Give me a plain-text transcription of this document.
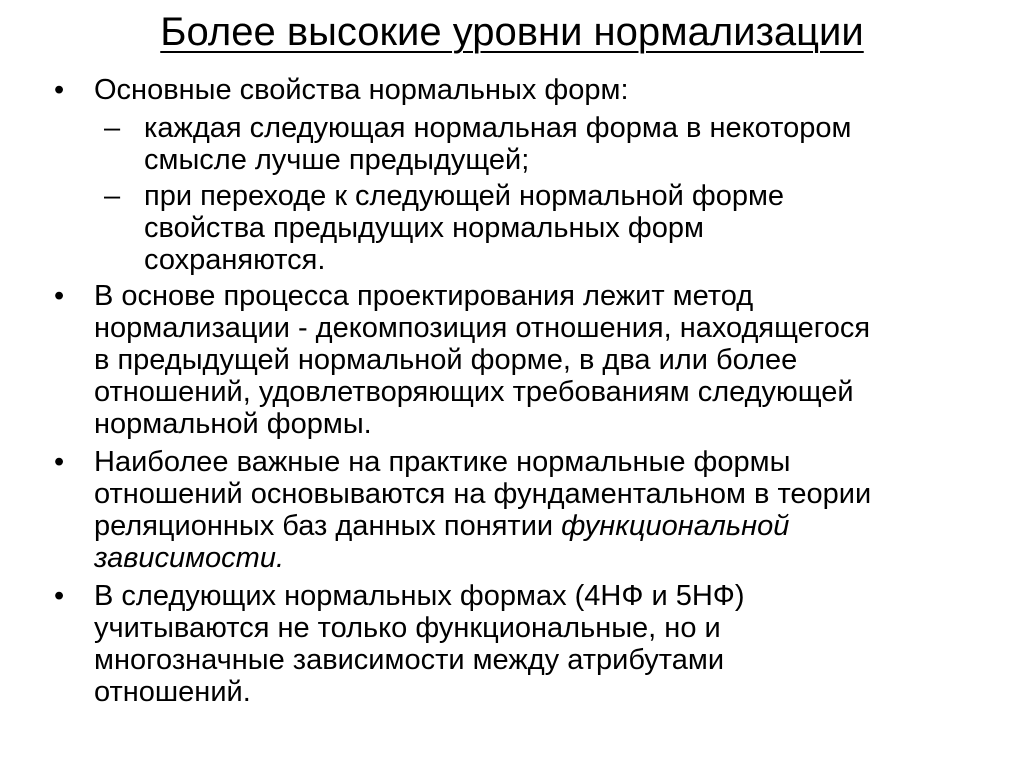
Более высокие уровни нормализации
•	Основные свойства нормальных форм:
– каждая следующая нормальная форма в некотором
смысле лучше предыдущей;
– при переходе к следующей нормальной форме
свойства предыдущих нормальных форм
сохраняются.
•	В основе процесса проектирования лежит метод
нормализации - декомпозиция отношения, находящегося
в предыдущей нормальной форме, в два или более
отношений, удовлетворяющих требованиям следующей
нормальной формы.
•	Наиболее важные на практике нормальные формы
отношений основываются на фундаментальном в теории
реляционных баз данных понятии функциональной
зависимости.
•	В следующих нормальных формах (4НФ и 5НФ)
учитываются не только функциональные, но и
многозначные зависимости между атрибутами
отношений.
